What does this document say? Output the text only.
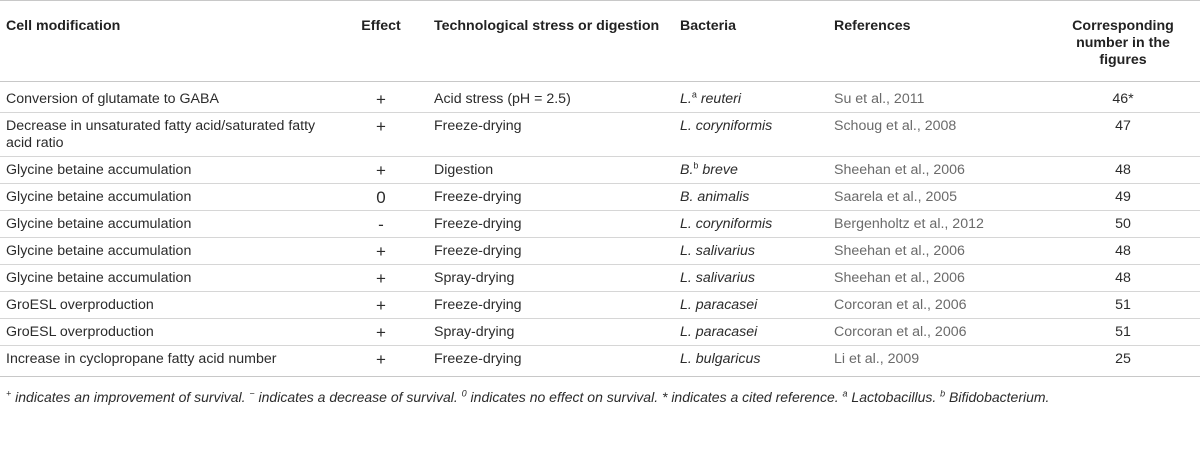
Cell modification	Effect	Technological stress or digestion	Bacteria	References	Corresponding number in the figures
Conversion of glutamate to GABA	+	Acid stress (pH = 2.5)	L.$^a$ reuteri	Su et al., 2011	46*
Decrease in unsaturated fatty acid/saturated fatty acid ratio	+	Freeze-drying	L. coryniformis	Schoug et al., 2008	47
Glycine betaine accumulation	+	Digestion	B.$^b$ breve	Sheehan et al., 2006	48
Glycine betaine accumulation	0	Freeze-drying	B. animalis	Saarela et al., 2005	49
Glycine betaine accumulation	-	Freeze-drying	L. coryniformis	Bergenholtz et al., 2012	50
Glycine betaine accumulation	+	Freeze-drying	L. salivarius	Sheehan et al., 2006	48
Glycine betaine accumulation	+	Spray-drying	L. salivarius	Sheehan et al., 2006	48
GroESL overproduction	+	Freeze-drying	L. paracasei	Corcoran et al., 2006	51
GroESL overproduction	+	Spray-drying	L. paracasei	Corcoran et al., 2006	51
Increase in cyclopropane fatty acid number	+	Freeze-drying	L. bulgaricus	Li et al., 2009	25
+ indicates an improvement of survival. − indicates a decrease of survival. $^0$ indicates no effect on survival. * indicates a cited reference. $^a$ Lactobacillus. $^b$ Bifidobacterium.
